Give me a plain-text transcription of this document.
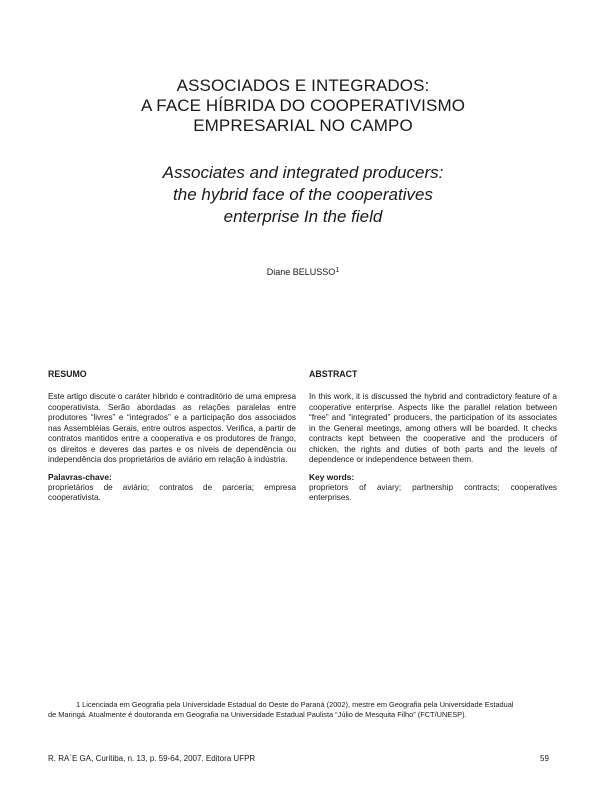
ASSOCIADOS E INTEGRADOS:
A FACE HÍBRIDA DO COOPERATIVISMO
EMPRESARIAL NO CAMPO
Associates and integrated producers:
the hybrid face of the cooperatives
enterprise In the field
Diane BELUSSO$^1$

RESUMO

Este artigo discute o caráter híbrido e contraditório de uma empresa cooperativista. Serão abordadas as relações paralelas entre produtores “livres” e “integrados” e a participação dos associados nas Assembléias Gerais, entre outros aspectos. Verifica, a partir de contratos mantidos entre a cooperativa e os produtores de frango, os direitos e deveres das partes e os níveis de dependência ou independência dos proprietários de aviário em relação à indústria.

Palavras-chave:

proprietários de aviário; contratos de parceria; empresa cooperativista.

ABSTRACT

In this work, it is discussed the hybrid and contradictory feature of a cooperative enterprise. Aspects like the parallel relation between “free” and “integrated” producers, the participation of its associates in the General meetings, among others will be boarded. It checks contracts kept between the cooperative and the producers of chicken, the rights and duties of both parts and the levels of dependence or independence between them.

Key words:

proprietors of aviary; partnership contracts; cooperatives enterprises.

1 Licenciada em Geografia pela Universidade Estadual do Oeste do Paraná (2002), mestre em Geografia pela Universidade Estadual
de Maringá. Atualmente é doutoranda em Geografia na Universidade Estadual Paulista “Júlio de Mesquita Filho” (FCT/UNESP).
R. RA´E GA, Curitiba, n. 13, p. 59-64, 2007. Editora UFPR	59
